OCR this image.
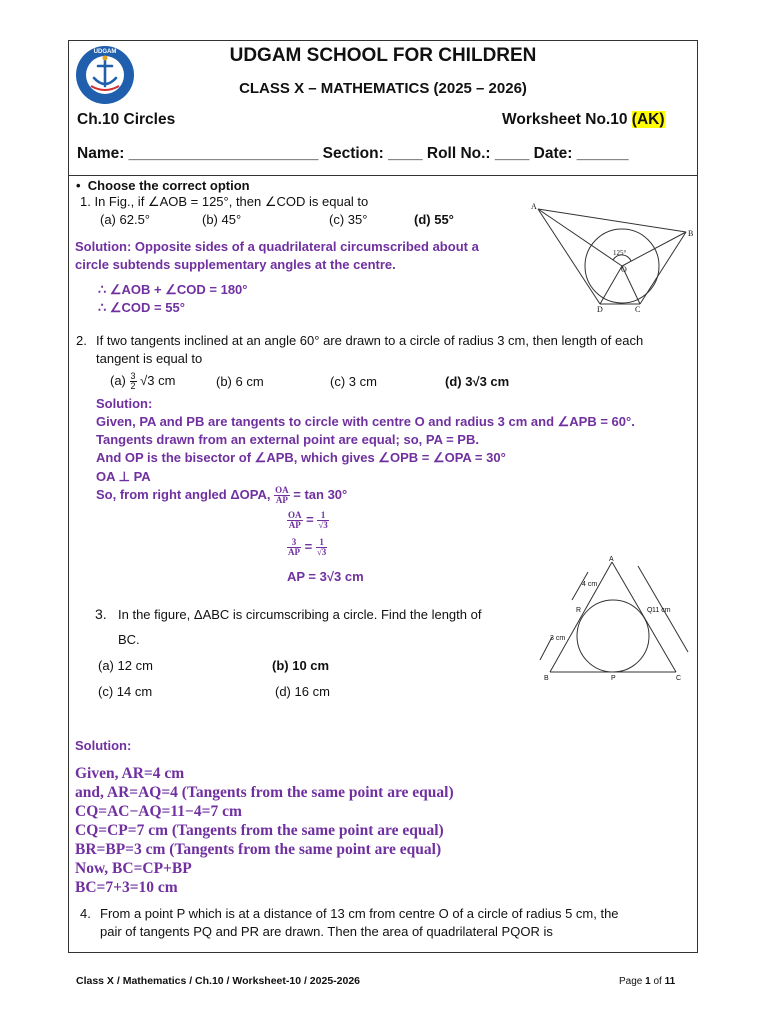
UDGAM	UDGAM SCHOOL FOR CHILDREN
CLASS X – MATHEMATICS (2025 – 2026)
Ch.10 Circles	Worksheet No.10 (AK)
Name: ______________________ Section: ____ Roll No.: ____ Date: ______
• Choose the correct option
1. In Fig., if ∠AOB = 125°, then ∠COD is equal to
(a) 62.5°	(b) 45°	(c) 35°	(d) 55°
Solution: Opposite sides of a quadrilateral circumscribed about a
circle subtends supplementary angles at the centre.
∴ ∠AOB + ∠COD = 180°
∴ ∠COD = 55°
A
B
C
D
O
125°
2. If two tangents inclined at an angle 60° are drawn to a circle of radius 3 cm, then length of each
tangent is equal to
$(a) \frac{3}{2} √3$ cm	(b) 6 cm	(c) 3 cm	(d) 3√3 cm
Solution:
Given, PA and PB are tangents to circle with centre O and radius 3 cm and ∠APB = 60°.
Tangents drawn from an external point are equal; so, PA = PB.
And OP is the bisector of ∠APB, which gives ∠OPB = ∠OPA = 30°
OA ⊥ PA
So, from right angled ΔOPA, $\frac{OA}{AP} = \tan 30^\circ$
$\frac{OA}{AP} = \frac{1}{√3}$
$\frac{3}{AP} = \frac{1}{√3}$
AP = 3√3 cm
3. In the figure, ΔABC is circumscribing a circle. Find the length of
BC.
(a) 12 cm	(b) 10 cm
(c) 14 cm	(d) 16 cm
A
B	C
P
Q
R
4 cm
11 cm
3 cm
Solution:
Given, AR=4 cm
and, AR=AQ=4 (Tangents from the same point are equal)
CQ=AC−AQ=11−4=7 cm
CQ=CP=7 cm (Tangents from the same point are equal)
BR=BP=3 cm (Tangents from the same point are equal)
Now, BC=CP+BP
BC=7+3=10 cm
4. From a point P which is at a distance of 13 cm from centre O of a circle of radius 5 cm, the
pair of tangents PQ and PR are drawn. Then the area of quadrilateral PQOR is
Class X / Mathematics / Ch.10 / Worksheet-10 / 2025-2026	Page 1 of 11
